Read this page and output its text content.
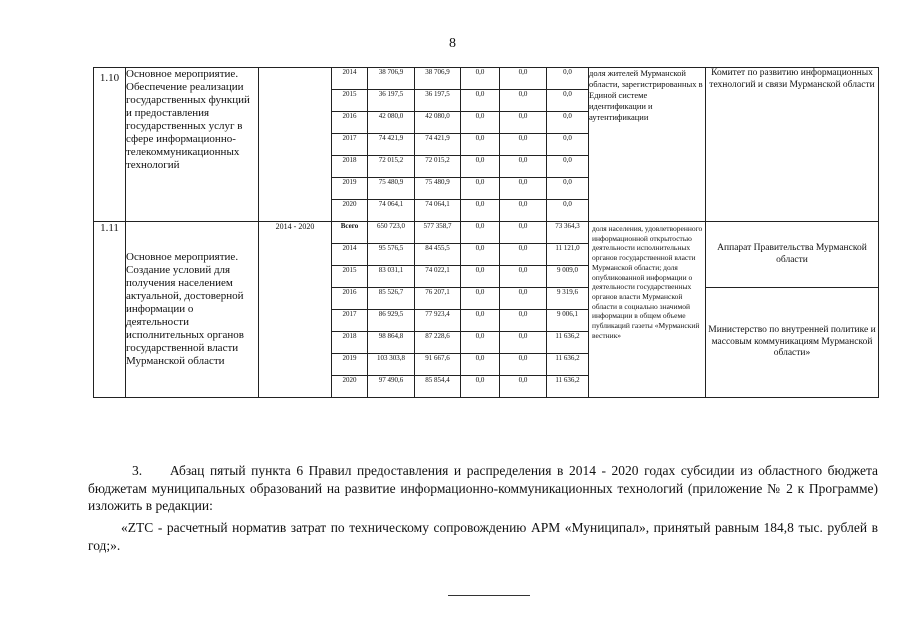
8
1.10	Основное мероприятие. Обеспечение реализации государственных функций и предоставления государственных услуг в сфере информационно-телекоммуникационных технологий		2014	38 706,9	38 706,9	0,0	0,0	0,0	доля жителей Мурманской области, зарегистрированных в Единой системе идентификации и аутентификации	Комитет по развитию информационных технологий и связи Мурманской области
			2015	36 197,5	36 197,5	0,0	0,0	0,0		
			2016	42 080,0	42 080,0	0,0	0,0	0,0		
			2017	74 421,9	74 421,9	0,0	0,0	0,0		
			2018	72 015,2	72 015,2	0,0	0,0	0,0		
			2019	75 480,9	75 480,9	0,0	0,0	0,0		
			2020	74 064,1	74 064,1	0,0	0,0	0,0		
1.11	Основное мероприятие. Создание условий для получения населением актуальной, достоверной информации о деятельности исполнительных органов государственной власти Мурманской области	2014 - 2020	Всего	650 723,0	577 358,7	0,0	0,0	73 364,3	доля населения, удовлетворенного информационной открытостью деятельности исполнительных органов государственной власти Мурманской области; доля опубликованной информации о деятельности государственных органов власти Мурманской области в социально значимой информации в общем объеме публикаций газеты «Мурманский вестник»	Аппарат Правительства Мурманской области
			2014	95 576,5	84 455,5	0,0	0,0	11 121,0		
			2015	83 031,1	74 022,1	0,0	0,0	9 009,0		
			2016	85 526,7	76 207,1	0,0	0,0	9 319,6		Министерство по внутренней политике и массовым коммуникациям Мурманской области»
			2017	86 929,5	77 923,4	0,0	0,0	9 006,1		
			2018	98 864,8	87 228,6	0,0	0,0	11 636,2		
			2019	103 303,8	91 667,6	0,0	0,0	11 636,2		
			2020	97 490,6	85 854,4	0,0	0,0	11 636,2		
3. Абзац пятый пункта 6 Правил предоставления и распределения в 2014 - 2020 годах субсидии из областного бюджета бюджетам муниципальных образований на развитие информационно-коммуникационных технологий (приложение № 2 к Программе) изложить в редакции:
«ZTC - расчетный норматив затрат по техническому сопровождению АРМ «Муниципал», принятый равным 184,8 тыс. рублей в год;».
